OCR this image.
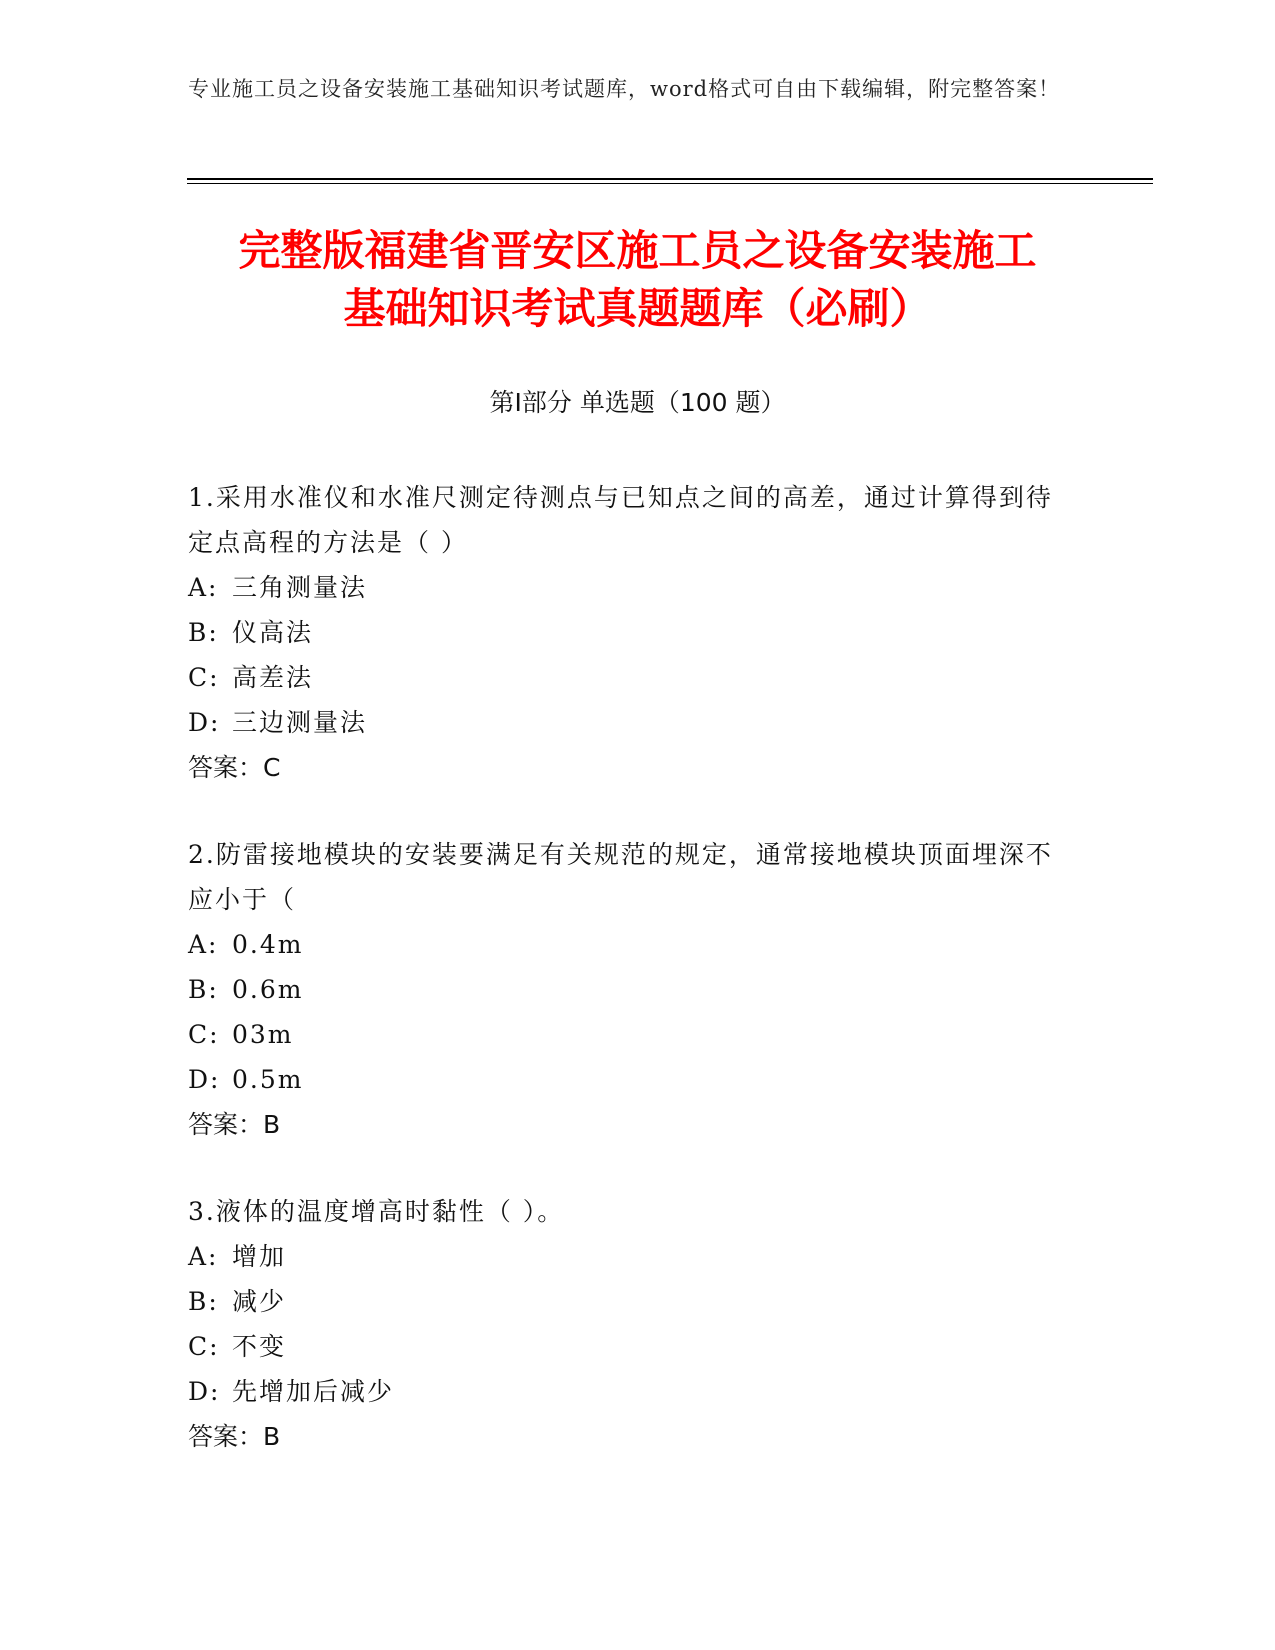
专业施工员之设备安装施工基础知识考试题库，word格式可自由下载编辑，附完整答案！
完整版福建省晋安区施工员之设备安装施工
基础知识考试真题题库（必刷）
第Ⅰ部分 单选题（100 题）
1.采用水准仪和水准尺测定待测点与已知点之间的高差，通过计算得到待定点高程的方法是（ ）
A: 三角测量法
B: 仪高法
C: 高差法
D: 三边测量法
答案：C
2.防雷接地模块的安装要满足有关规范的规定，通常接地模块顶面埋深不应小于（
A: 0.4m
B: 0.6m
C: 03m
D: 0.5m
答案：B
3.液体的温度增高时黏性（ ）。
A: 增加
B: 减少
C: 不变
D: 先增加后减少
答案：B
